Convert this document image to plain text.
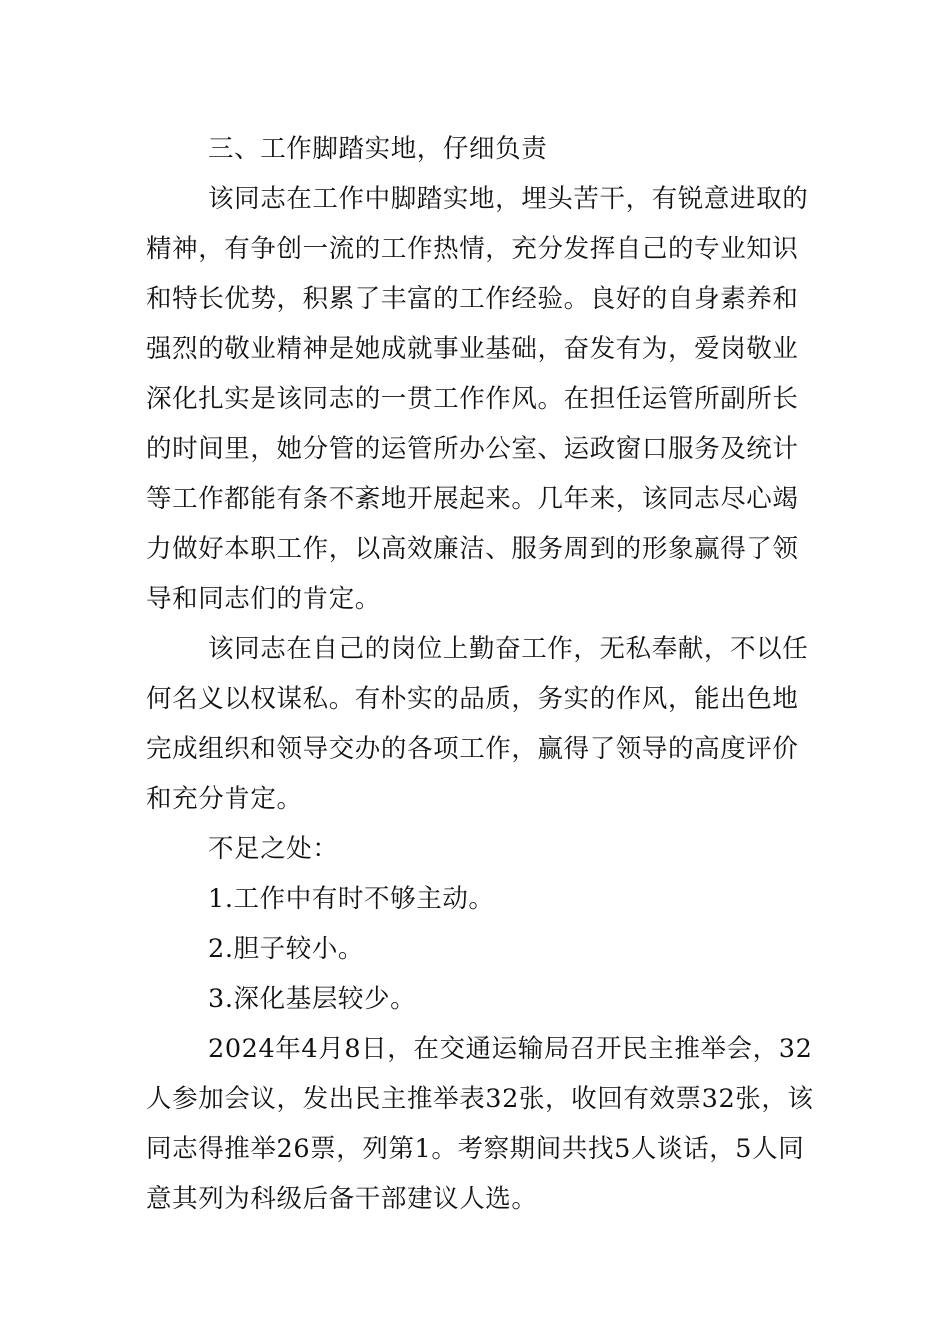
三、工作脚踏实地，仔细负责
该同志在工作中脚踏实地，埋头苦干，有锐意进取的
精神，有争创一流的工作热情，充分发挥自己的专业知识
和特长优势，积累了丰富的工作经验。良好的自身素养和
强烈的敬业精神是她成就事业基础，奋发有为，爱岗敬业
深化扎实是该同志的一贯工作作风。在担任运管所副所长
的时间里，她分管的运管所办公室、运政窗口服务及统计
等工作都能有条不紊地开展起来。几年来，该同志尽心竭
力做好本职工作，以高效廉洁、服务周到的形象赢得了领
导和同志们的肯定。
该同志在自己的岗位上勤奋工作，无私奉献，不以任
何名义以权谋私。有朴实的品质，务实的作风，能出色地
完成组织和领导交办的各项工作，赢得了领导的高度评价
和充分肯定。
不足之处：
1.工作中有时不够主动。
2.胆子较小。
3.深化基层较少。
2024年4月8日，在交通运输局召开民主推举会，32
人参加会议，发出民主推举表32张，收回有效票32张，该
同志得推举26票，列第1。考察期间共找5人谈话，5人同
意其列为科级后备干部建议人选。
